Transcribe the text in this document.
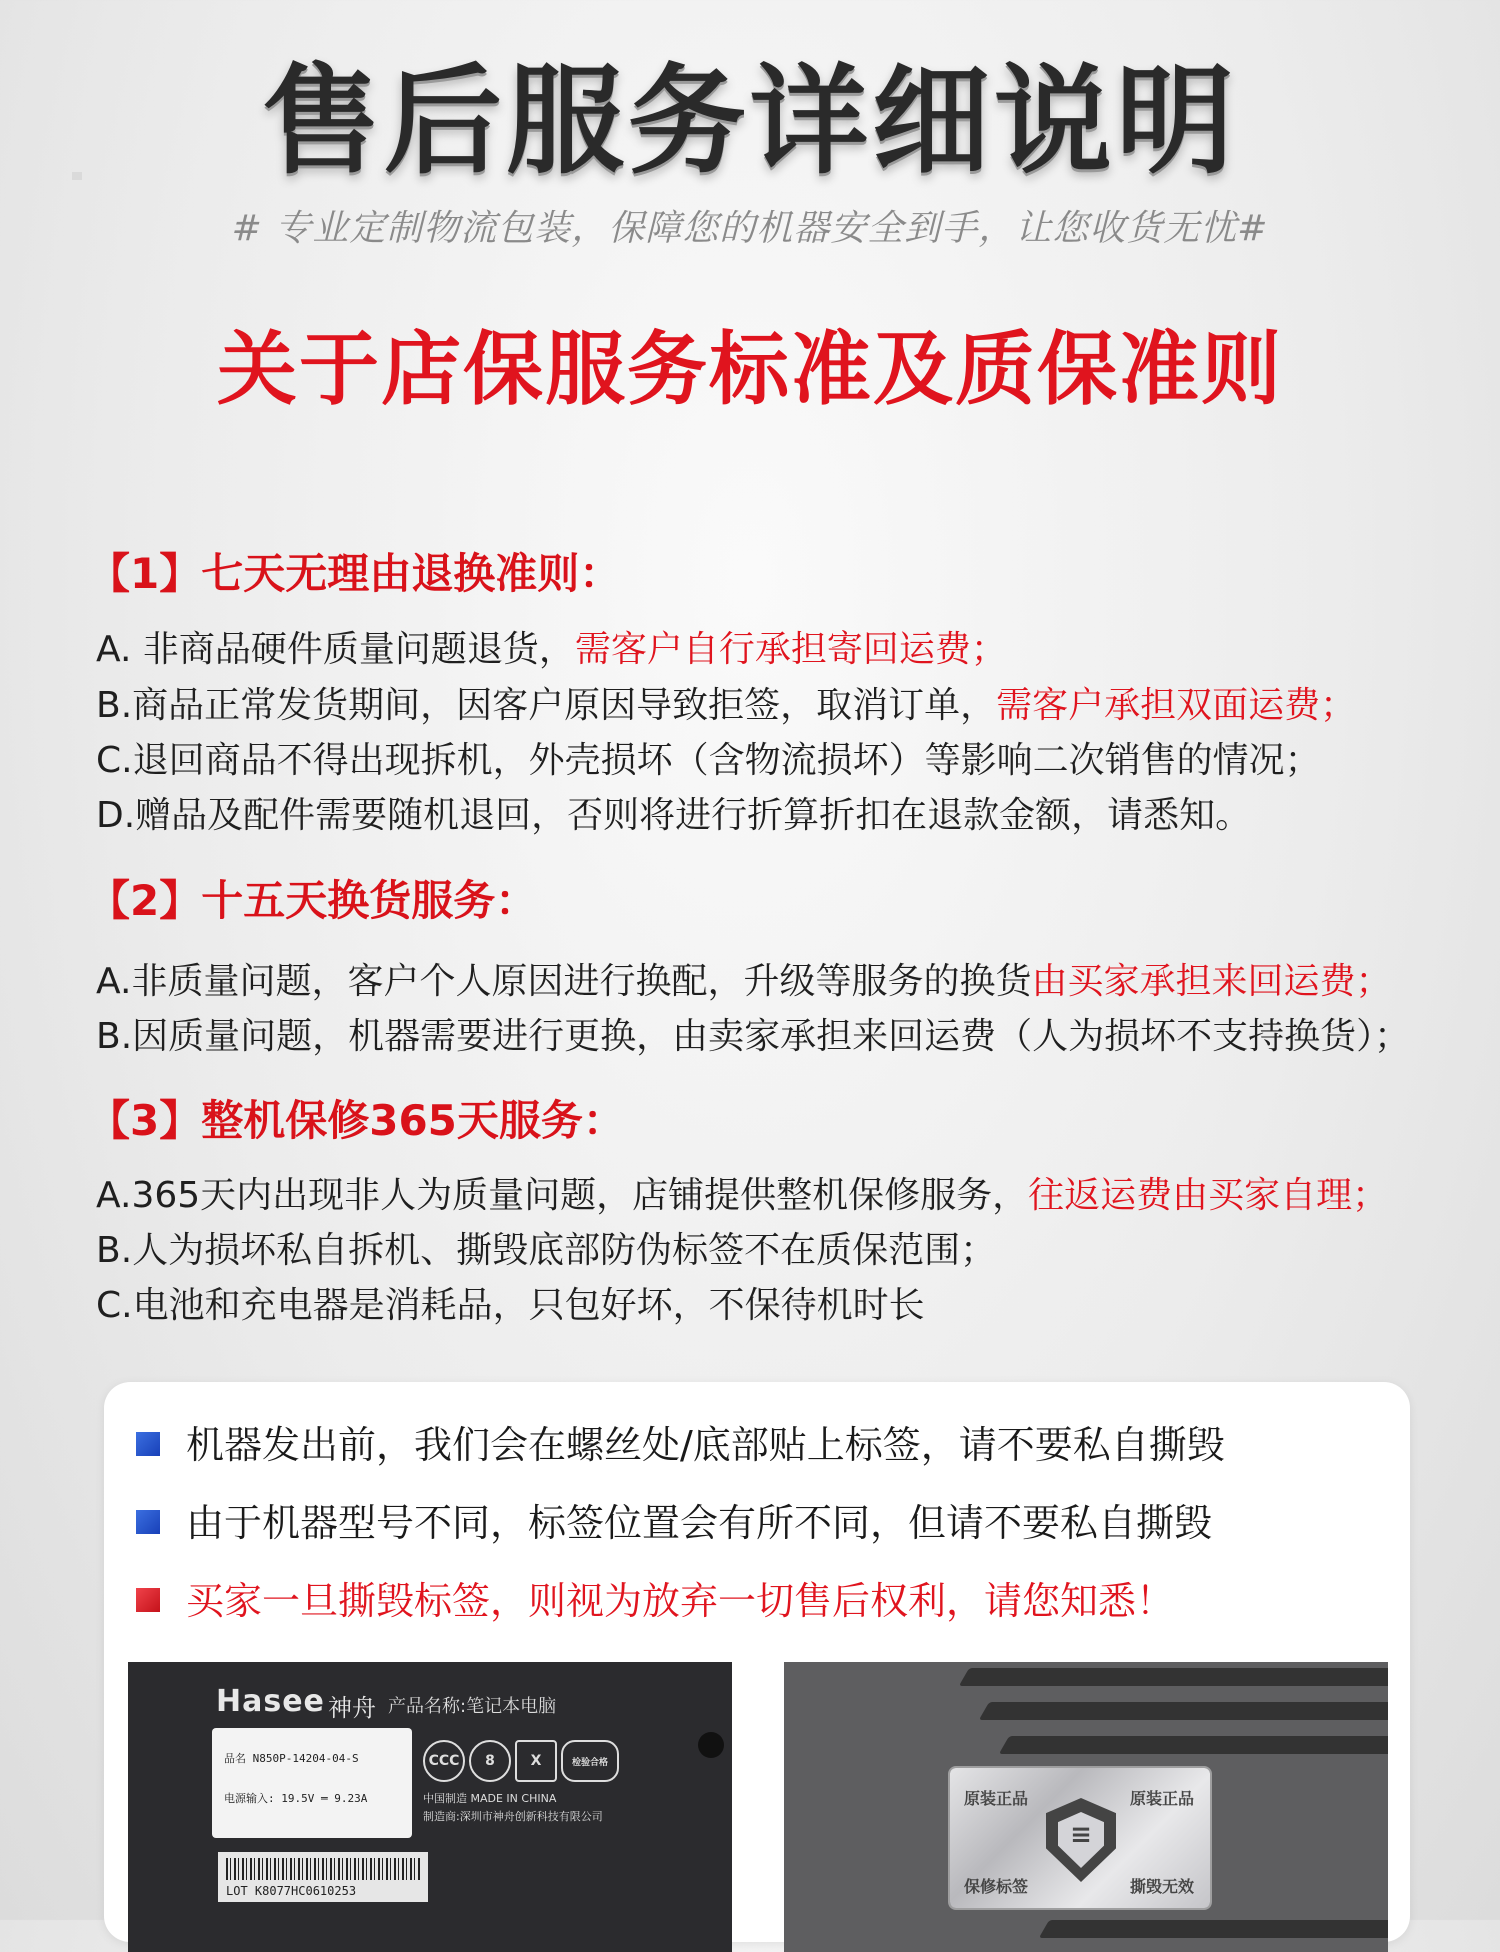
售后服务详细说明
# 专业定制物流包装，保障您的机器安全到手，让您收货无忧#
关于店保服务标准及质保准则
【1】七天无理由退换准则：
A. 非商品硬件质量问题退货，需客户自行承担寄回运费；
B.商品正常发货期间，因客户原因导致拒签，取消订单，需客户承担双面运费；
C.退回商品不得出现拆机，外壳损坏（含物流损坏）等影响二次销售的情况；
D.赠品及配件需要随机退回，否则将进行折算折扣在退款金额，请悉知。
【2】十五天换货服务：
A.非质量问题，客户个人原因进行换配，升级等服务的换货由买家承担来回运费；
B.因质量问题，机器需要进行更换，由卖家承担来回运费（人为损坏不支持换货）；
【3】整机保修365天服务：
A.365天内出现非人为质量问题，店铺提供整机保修服务，往返运费由买家自理；
B.人为损坏私自拆机、撕毁底部防伪标签不在质保范围；
C.电池和充电器是消耗品，只包好坏，不保待机时长
机器发出前，我们会在螺丝处/底部贴上标签，请不要私自撕毁
由于机器型号不同，标签位置会有所不同，但请不要私自撕毁
买家一旦撕毁标签，则视为放弃一切售后权利，请您知悉！
Hasee 神舟 产品名称:笔记本电脑
品名 N850P-14204-04-S
电源输入: 19.5V ═ 9.23A
CCC	8	X	检验合格
中国制造 MADE IN CHINA
制造商:深圳市神舟创新科技有限公司
LOT K8077HC0610253
原装正品	原装正品
保修标签	撕毁无效
≡
